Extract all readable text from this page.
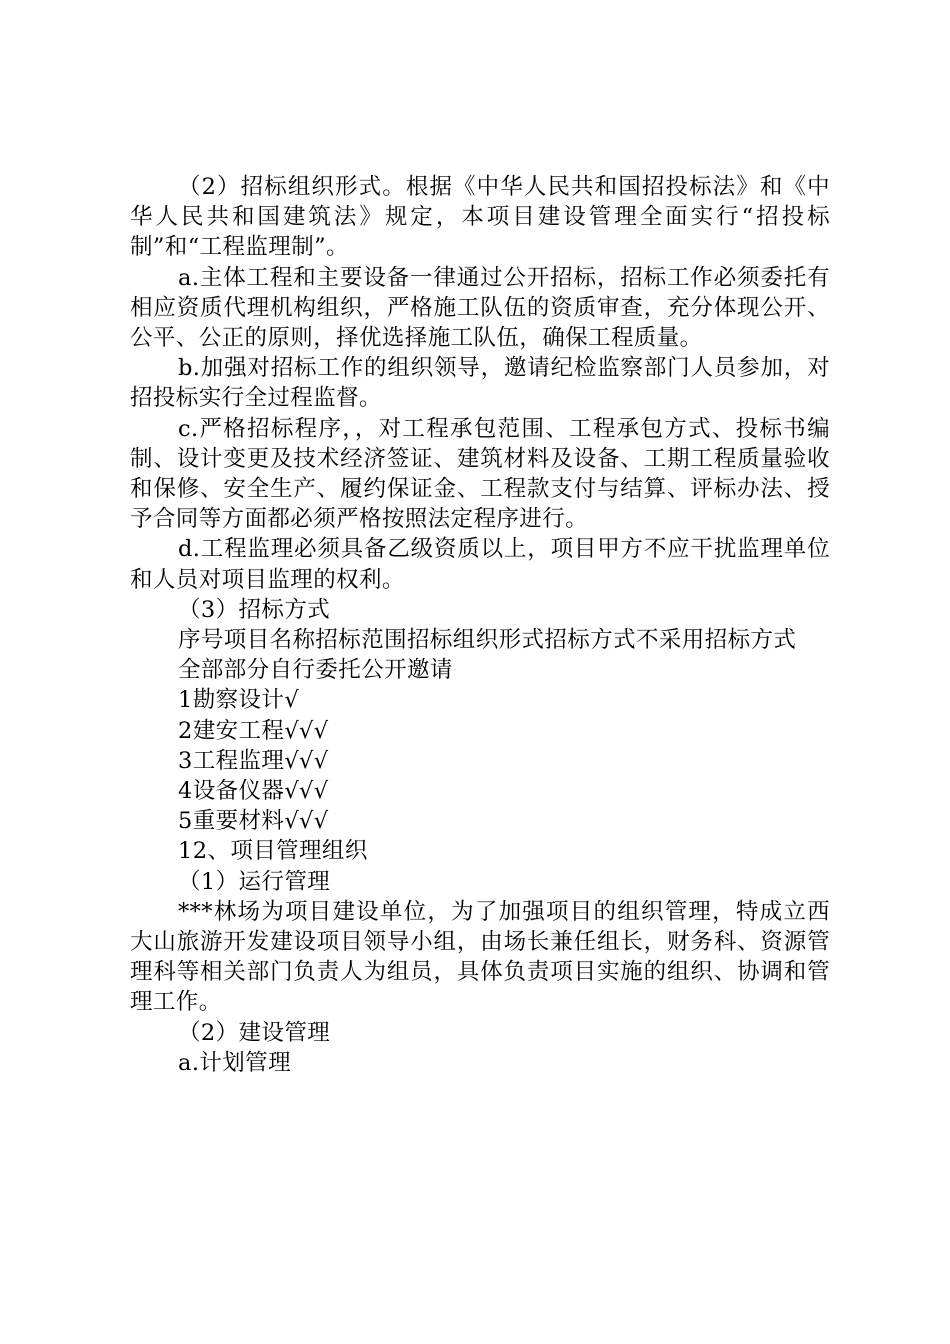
（2）招标组织形式。根据《中华人民共和国招投标法》和《中华人民共和国建筑法》规定，本项目建设管理全面实行“招投标制”和“工程监理制”。

a.主体工程和主要设备一律通过公开招标，招标工作必须委托有相应资质代理机构组织，严格施工队伍的资质审查，充分体现公开、公平、公正的原则，择优选择施工队伍，确保工程质量。

b.加强对招标工作的组织领导，邀请纪检监察部门人员参加，对招投标实行全过程监督。

c.严格招标程序，，对工程承包范围、工程承包方式、投标书编制、设计变更及技术经济签证、建筑材料及设备、工期工程质量验收和保修、安全生产、履约保证金、工程款支付与结算、评标办法、授予合同等方面都必须严格按照法定程序进行。

d.工程监理必须具备乙级资质以上，项目甲方不应干扰监理单位和人员对项目监理的权利。

（3）招标方式

序号项目名称招标范围招标组织形式招标方式不采用招标方式

全部部分自行委托公开邀请

1勘察设计√

2建安工程√√√

3工程监理√√√

4设备仪器√√√

5重要材料√√√

12、项目管理组织

（1）运行管理

***林场为项目建设单位，为了加强项目的组织管理，特成立西大山旅游开发建设项目领导小组，由场长兼任组长，财务科、资源管理科等相关部门负责人为组员，具体负责项目实施的组织、协调和管理工作。

（2）建设管理

a.计划管理
